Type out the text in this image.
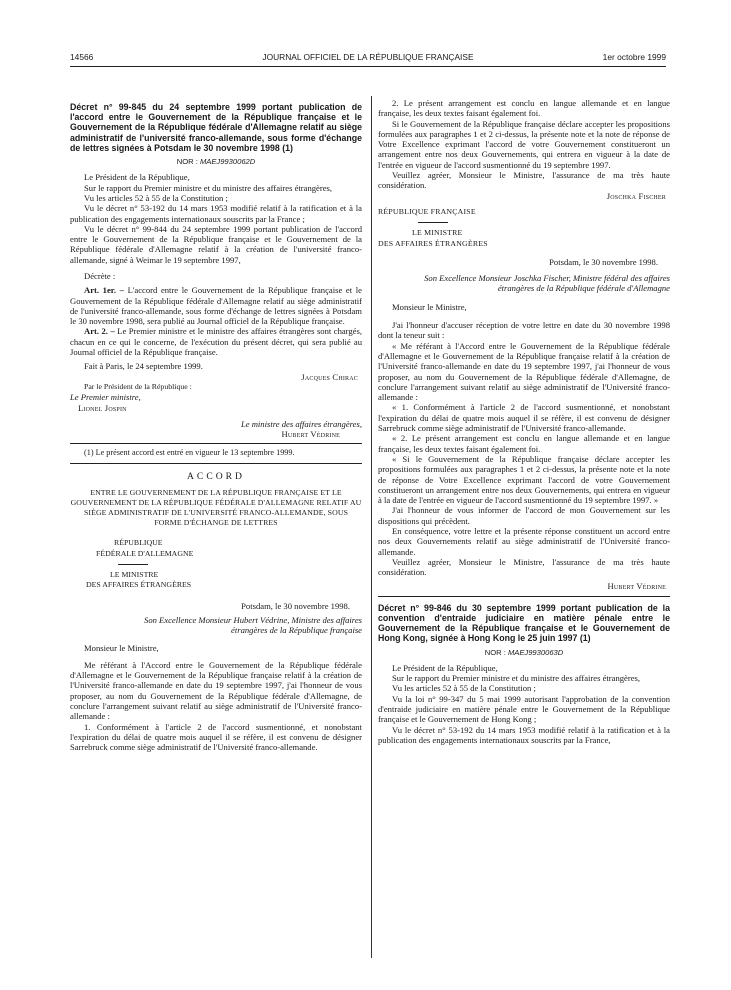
14566	JOURNAL OFFICIEL DE LA RÉPUBLIQUE FRANÇAISE	1er octobre 1999

Décret n° 99-845 du 24 septembre 1999 portant publication de l'accord entre le Gouvernement de la République française et le Gouvernement de la République fédérale d'Allemagne relatif au siège administratif de l'université franco-allemande, sous forme d'échange de lettres signées à Potsdam le 30 novembre 1998 (1)

NOR : MAEJ9930062D

Le Président de la République,

Sur le rapport du Premier ministre et du ministre des affaires étrangères,

Vu les articles 52 à 55 de la Constitution ;

Vu le décret n° 53-192 du 14 mars 1953 modifié relatif à la ratification et à la publication des engagements internationaux souscrits par la France ;

Vu le décret n° 99-844 du 24 septembre 1999 portant publication de l'accord entre le Gouvernement de la République française et le Gouvernement de la République fédérale d'Allemagne relatif à la création de l'université franco-allemande, signé à Weimar le 19 septembre 1997,

Décrète :

Art. 1er. – L'accord entre le Gouvernement de la République française et le Gouvernement de la République fédérale d'Allemagne relatif au siège administratif de l'université franco-allemande, sous forme d'échange de lettres signées à Potsdam le 30 novembre 1998, sera publié au Journal officiel de la République française.

Art. 2. – Le Premier ministre et le ministre des affaires étrangères sont chargés, chacun en ce qui le concerne, de l'exécution du présent décret, qui sera publié au Journal officiel de la République française.

Fait à Paris, le 24 septembre 1999.

Jacques Chirac

Par le Président de la République :

Le Premier ministre,

Lionel Jospin

Le ministre des affaires étrangères,

Hubert Védrine

(1) Le présent accord est entré en vigueur le 13 septembre 1999.

ACCORD

ENTRE LE GOUVERNEMENT DE LA RÉPUBLIQUE FRANÇAISE ET LE GOUVERNEMENT DE LA RÉPUBLIQUE FÉDÉRALE D'ALLEMAGNE RELATIF AU SIÈGE ADMINISTRATIF DE L'UNIVERSITÉ FRANCO-ALLEMANDE, SOUS FORME D'ÉCHANGE DE LETTRES

RÉPUBLIQUE

FÉDÉRALE D'ALLEMAGNE

LE MINISTRE

DES AFFAIRES ÉTRANGÈRES

Potsdam, le 30 novembre 1998.

Son Excellence Monsieur Hubert Védrine, Ministre des affaires étrangères de la République française

Monsieur le Ministre,

Me référant à l'Accord entre le Gouvernement de la République fédérale d'Allemagne et le Gouvernement de la République française relatif à la création de l'Université franco-allemande en date du 19 septembre 1997, j'ai l'honneur de vous proposer, au nom du Gouvernement de la République fédérale d'Allemagne, de conclure l'arrangement suivant relatif au siège administratif de l'Université franco-allemande :

1. Conformément à l'article 2 de l'accord susmentionné, et nonobstant l'expiration du délai de quatre mois auquel il se réfère, il est convenu de désigner Sarrebruck comme siège administratif de l'Université franco-allemande.

2. Le présent arrangement est conclu en langue allemande et en langue française, les deux textes faisant également foi.

Si le Gouvernement de la République française déclare accepter les propositions formulées aux paragraphes 1 et 2 ci-dessus, la présente note et la note de réponse de Votre Excellence exprimant l'accord de votre Gouvernement constitueront un arrangement entre nos deux Gouvernements, qui entrera en vigueur à la date de l'entrée en vigueur de l'accord susmentionné du 19 septembre 1997.

Veuillez agréer, Monsieur le Ministre, l'assurance de ma très haute considération.

Joschka Fischer

RÉPUBLIQUE FRANÇAISE

LE MINISTRE

DES AFFAIRES ÉTRANGÈRES

Potsdam, le 30 novembre 1998.

Son Excellence Monsieur Joschka Fischer, Ministre fédéral des affaires étrangères de la République fédérale d'Allemagne

Monsieur le Ministre,

J'ai l'honneur d'accuser réception de votre lettre en date du 30 novembre 1998 dont la teneur suit :

« Me référant à l'Accord entre le Gouvernement de la République fédérale d'Allemagne et le Gouvernement de la République française relatif à la création de l'Université franco-allemande en date du 19 septembre 1997, j'ai l'honneur de vous proposer, au nom du Gouvernement de la République fédérale d'Allemagne, de conclure l'arrangement suivant relatif au siège administratif de l'Université franco-allemande :

« 1. Conformément à l'article 2 de l'accord susmentionné, et nonobstant l'expiration du délai de quatre mois auquel il se réfère, il est convenu de désigner Sarrebruck comme siège administratif de l'Université franco-allemande.

« 2. Le présent arrangement est conclu en langue allemande et en langue française, les deux textes faisant également foi.

« Si le Gouvernement de la République française déclare accepter les propositions formulées aux paragraphes 1 et 2 ci-dessus, la présente note et la note de réponse de Votre Excellence exprimant l'accord de votre Gouvernement constitueront un arrangement entre nos deux Gouvernements, qui entrera en vigueur à la date de l'entrée en vigueur de l'accord susmentionné du 19 septembre 1997. »

J'ai l'honneur de vous informer de l'accord de mon Gouvernement sur les dispositions qui précèdent.

En conséquence, votre lettre et la présente réponse constituent un accord entre nos deux Gouvernements relatif au siège administratif de l'Université franco-allemande.

Veuillez agréer, Monsieur le Ministre, l'assurance de ma très haute considération.

Hubert Védrine

Décret n° 99-846 du 30 septembre 1999 portant publication de la convention d'entraide judiciaire en matière pénale entre le Gouvernement de la République française et le Gouvernement de Hong Kong, signée à Hong Kong le 25 juin 1997 (1)

NOR : MAEJ9930063D

Le Président de la République,

Sur le rapport du Premier ministre et du ministre des affaires étrangères,

Vu les articles 52 à 55 de la Constitution ;

Vu la loi n° 99-347 du 5 mai 1999 autorisant l'approbation de la convention d'entraide judiciaire en matière pénale entre le Gouvernement de la République française et le Gouvernement de Hong Kong ;

Vu le décret n° 53-192 du 14 mars 1953 modifié relatif à la ratification et à la publication des engagements internationaux souscrits par la France,
